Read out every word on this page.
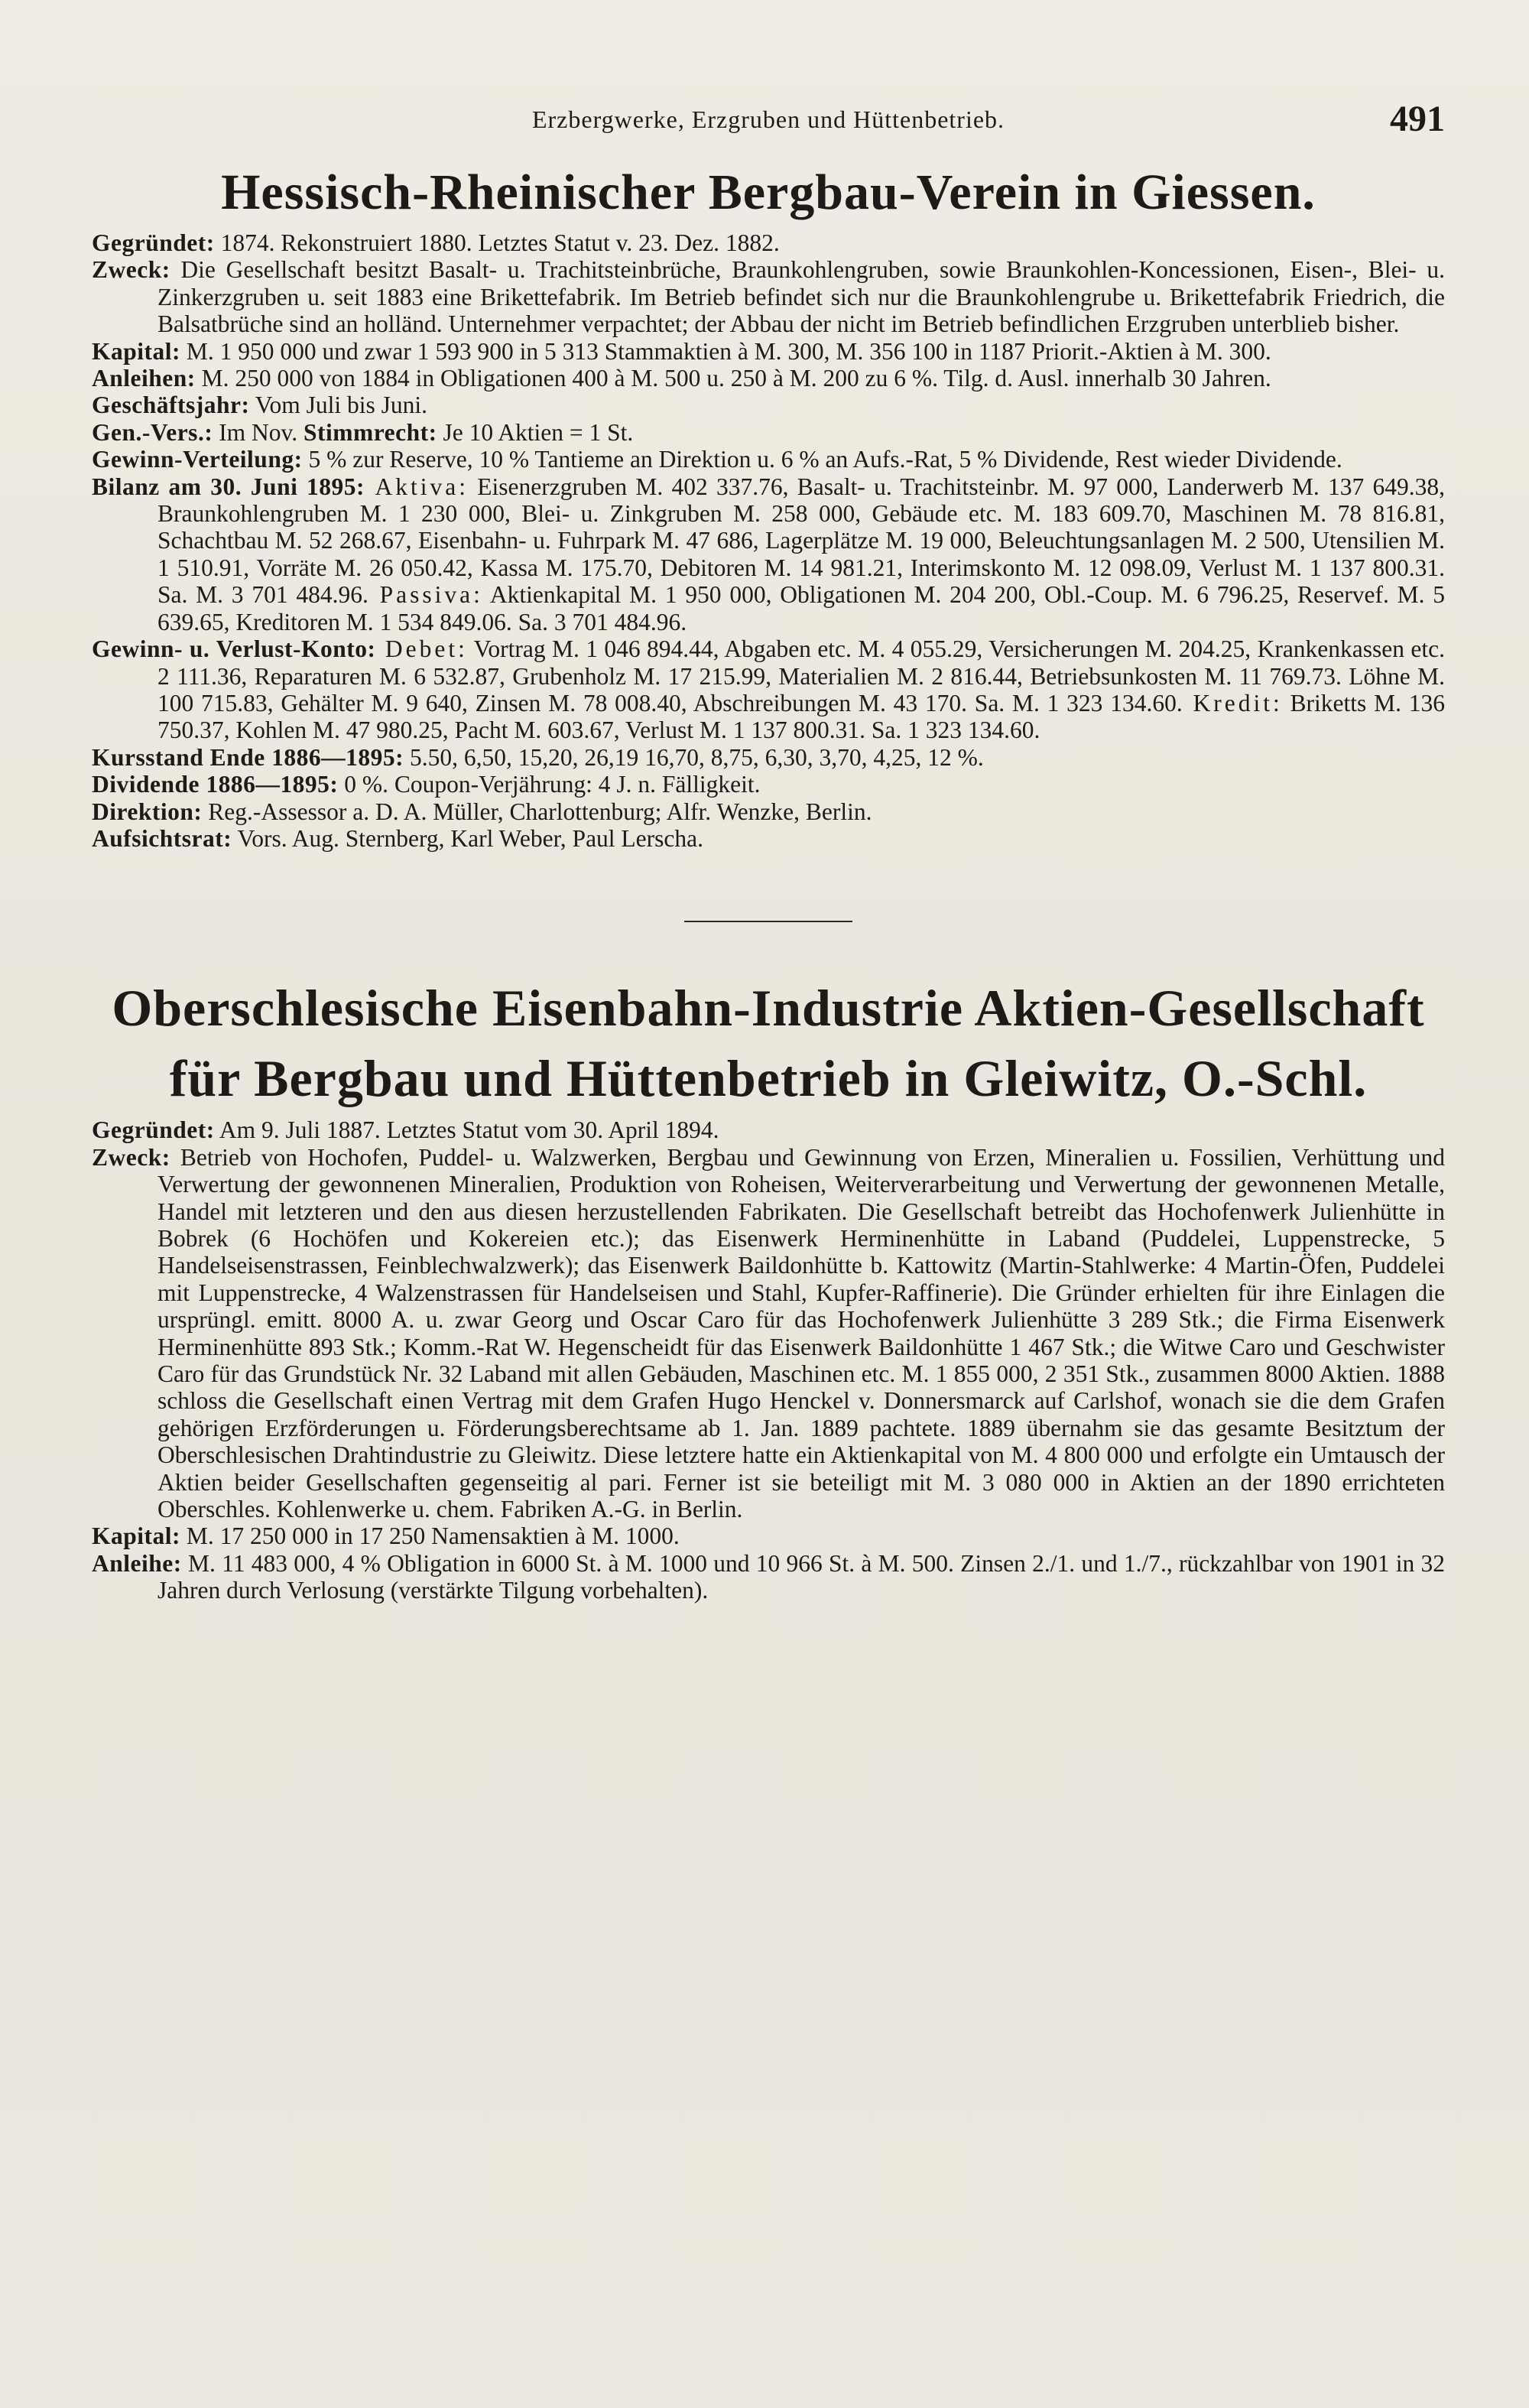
Erzbergwerke, Erzgruben und Hüttenbetrieb.	491
Hessisch-Rheinischer Bergbau-Verein in Giessen.

Gegründet: 1874. Rekonstruiert 1880. Letztes Statut v. 23. Dez. 1882.

Zweck: Die Gesellschaft besitzt Basalt- u. Trachitsteinbrüche, Braunkohlengruben, sowie Braunkohlen-Koncessionen, Eisen-, Blei- u. Zinkerzgruben u. seit 1883 eine Brikettefabrik. Im Betrieb befindet sich nur die Braunkohlengrube u. Brikettefabrik Friedrich, die Balsatbrüche sind an holländ. Unternehmer verpachtet; der Abbau der nicht im Betrieb befindlichen Erzgruben unterblieb bisher.

Kapital: M. 1 950 000 und zwar 1 593 900 in 5 313 Stammaktien à M. 300, M. 356 100 in 1187 Priorit.-Aktien à M. 300.

Anleihen: M. 250 000 von 1884 in Obligationen 400 à M. 500 u. 250 à M. 200 zu 6 %. Tilg. d. Ausl. innerhalb 30 Jahren.

Geschäftsjahr: Vom Juli bis Juni.

Gen.-Vers.: Im Nov. Stimmrecht: Je 10 Aktien = 1 St.

Gewinn-Verteilung: 5 % zur Reserve, 10 % Tantieme an Direktion u. 6 % an Aufs.-Rat, 5 % Dividende, Rest wieder Dividende.

Bilanz am 30. Juni 1895: Aktiva: Eisenerzgruben M. 402 337.76, Basalt- u. Trachitsteinbr. M. 97 000, Landerwerb M. 137 649.38, Braunkohlengruben M. 1 230 000, Blei- u. Zinkgruben M. 258 000, Gebäude etc. M. 183 609.70, Maschinen M. 78 816.81, Schachtbau M. 52 268.67, Eisenbahn- u. Fuhrpark M. 47 686, Lagerplätze M. 19 000, Beleuchtungsanlagen M. 2 500, Utensilien M. 1 510.91, Vorräte M. 26 050.42, Kassa M. 175.70, Debitoren M. 14 981.21, Interimskonto M. 12 098.09, Verlust M. 1 137 800.31. Sa. M. 3 701 484.96. Passiva: Aktienkapital M. 1 950 000, Obligationen M. 204 200, Obl.-Coup. M. 6 796.25, Reservef. M. 5 639.65, Kreditoren M. 1 534 849.06. Sa. 3 701 484.96.

Gewinn- u. Verlust-Konto: Debet: Vortrag M. 1 046 894.44, Abgaben etc. M. 4 055.29, Versicherungen M. 204.25, Krankenkassen etc. 2 111.36, Reparaturen M. 6 532.87, Grubenholz M. 17 215.99, Materialien M. 2 816.44, Betriebsunkosten M. 11 769.73. Löhne M. 100 715.83, Gehälter M. 9 640, Zinsen M. 78 008.40, Abschreibungen M. 43 170. Sa. M. 1 323 134.60. Kredit: Briketts M. 136 750.37, Kohlen M. 47 980.25, Pacht M. 603.67, Verlust M. 1 137 800.31. Sa. 1 323 134.60.

Kursstand Ende 1886—1895: 5.50, 6,50, 15,20, 26,19 16,70, 8,75, 6,30, 3,70, 4,25, 12 %.

Dividende 1886—1895: 0 %. Coupon-Verjährung: 4 J. n. Fälligkeit.

Direktion: Reg.-Assessor a. D. A. Müller, Charlottenburg; Alfr. Wenzke, Berlin.

Aufsichtsrat: Vors. Aug. Sternberg, Karl Weber, Paul Lerscha.

Oberschlesische Eisenbahn-Industrie Aktien-Gesellschaft
für Bergbau und Hüttenbetrieb in Gleiwitz, O.-Schl.

Gegründet: Am 9. Juli 1887. Letztes Statut vom 30. April 1894.

Zweck: Betrieb von Hochofen, Puddel- u. Walzwerken, Bergbau und Gewinnung von Erzen, Mineralien u. Fossilien, Verhüttung und Verwertung der gewonnenen Mineralien, Produktion von Roheisen, Weiterverarbeitung und Verwertung der gewonnenen Metalle, Handel mit letzteren und den aus diesen herzustellenden Fabrikaten. Die Gesellschaft betreibt das Hochofenwerk Julienhütte in Bobrek (6 Hochöfen und Kokereien etc.); das Eisenwerk Herminenhütte in Laband (Puddelei, Luppenstrecke, 5 Handelseisenstrassen, Feinblechwalzwerk); das Eisenwerk Baildonhütte b. Kattowitz (Martin-Stahlwerke: 4 Martin-Öfen, Puddelei mit Luppenstrecke, 4 Walzenstrassen für Handelseisen und Stahl, Kupfer-Raffinerie). Die Gründer erhielten für ihre Einlagen die ursprüngl. emitt. 8000 A. u. zwar Georg und Oscar Caro für das Hochofenwerk Julienhütte 3 289 Stk.; die Firma Eisenwerk Herminenhütte 893 Stk.; Komm.-Rat W. Hegenscheidt für das Eisenwerk Baildonhütte 1 467 Stk.; die Witwe Caro und Geschwister Caro für das Grundstück Nr. 32 Laband mit allen Gebäuden, Maschinen etc. M. 1 855 000, 2 351 Stk., zusammen 8000 Aktien. 1888 schloss die Gesellschaft einen Vertrag mit dem Grafen Hugo Henckel v. Donnersmarck auf Carlshof, wonach sie die dem Grafen gehörigen Erzförderungen u. Förderungsberechtsame ab 1. Jan. 1889 pachtete. 1889 übernahm sie das gesamte Besitztum der Oberschlesischen Drahtindustrie zu Gleiwitz. Diese letztere hatte ein Aktienkapital von M. 4 800 000 und erfolgte ein Umtausch der Aktien beider Gesellschaften gegenseitig al pari. Ferner ist sie beteiligt mit M. 3 080 000 in Aktien an der 1890 errichteten Oberschles. Kohlenwerke u. chem. Fabriken A.-G. in Berlin.

Kapital: M. 17 250 000 in 17 250 Namensaktien à M. 1000.

Anleihe: M. 11 483 000, 4 % Obligation in 6000 St. à M. 1000 und 10 966 St. à M. 500. Zinsen 2./1. und 1./7., rückzahlbar von 1901 in 32 Jahren durch Verlosung (verstärkte Tilgung vorbehalten).
